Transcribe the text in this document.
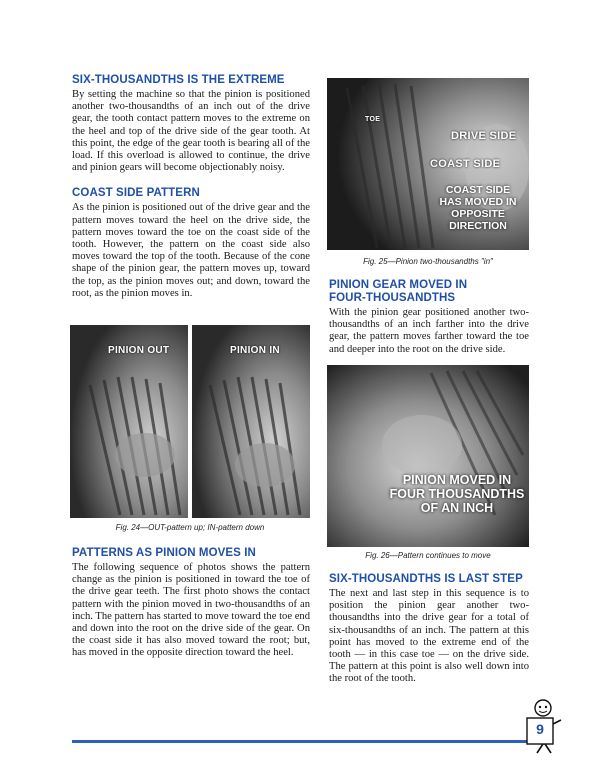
SIX-THOUSANDTHS IS THE EXTREME

By setting the machine so that the pinion is positioned another two-thousandths of an inch out of the drive gear, the tooth contact pattern moves to the extreme on the heel and top of the drive side of the gear tooth. At this point, the edge of the gear tooth is bearing all of the load. If this overload is allowed to continue, the drive and pinion gears will become objectionably noisy.

COAST SIDE PATTERN

As the pinion is positioned out of the drive gear and the pattern moves toward the heel on the drive side, the pattern moves toward the toe on the coast side of the tooth. However, the pattern on the coast side also moves toward the top of the tooth. Because of the cone shape of the pinion gear, the pattern moves up, toward the top, as the pinion moves out; and down, toward the root, as the pinion moves in.

PINION OUT	PINION IN
Fig. 24—OUT-pattern up; IN-pattern down
PATTERNS AS PINION MOVES IN

The following sequence of photos shows the pattern change as the pinion is positioned in toward the toe of the drive gear teeth. The first photo shows the contact pattern with the pinion moved in two-thousandths of an inch. The pattern has started to move toward the toe end and down into the root on the drive side of the gear. On the coast side it has also moved toward the root; but, has moved in the opposite direction toward the heel.

TOE
DRIVE SIDE
COAST SIDE
COAST SIDE
HAS MOVED IN
OPPOSITE
DIRECTION
Fig. 25—Pinion two-thousandths "in"
PINION GEAR MOVED IN
FOUR-THOUSANDTHS

With the pinion gear positioned another two-thousandths of an inch farther into the drive gear, the pattern moves farther toward the toe and deeper into the root on the drive side.

PINION MOVED IN
FOUR THOUSANDTHS
OF AN INCH
Fig. 26—Pattern continues to move
SIX-THOUSANDTHS IS LAST STEP

The next and last step in this sequence is to position the pinion gear another two-thousandths into the drive gear for a total of six-thousandths of an inch. The pattern at this point has moved to the extreme end of the tooth — in this case toe — on the drive side. The pattern at this point is also well down into the root of the tooth.

9
